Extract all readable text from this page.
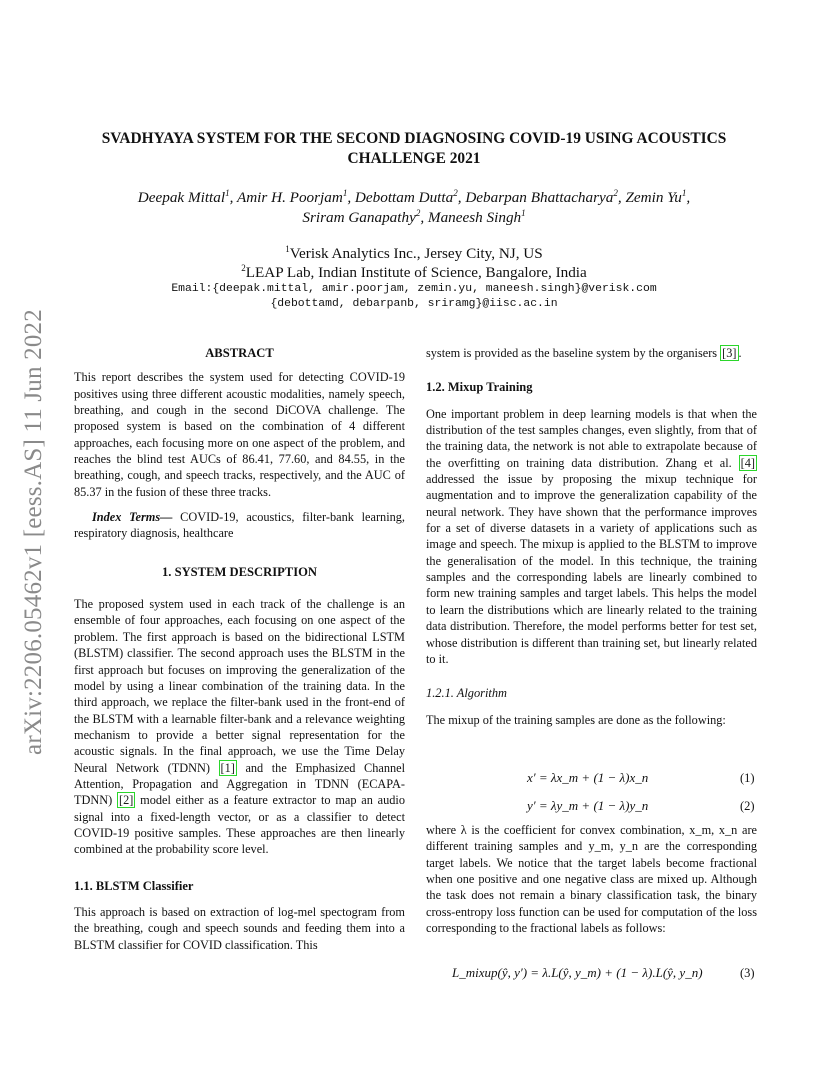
arXiv:2206.05462v1 [eess.AS] 11 Jun 2022
SVADHYAYA SYSTEM FOR THE SECOND DIAGNOSING COVID-19 USING ACOUSTICS
CHALLENGE 2021
Deepak Mittal$^1$, Amir H. Poorjam$^1$, Debottam Dutta$^2$, Debarpan Bhattacharya$^2$, Zemin Yu$^1$,
Sriram Ganapathy$^2$, Maneesh Singh$^1$
$^1$Verisk Analytics Inc., Jersey City, NJ, US
$^2$LEAP Lab, Indian Institute of Science, Bangalore, India
Email:{deepak.mittal, amir.poorjam, zemin.yu, maneesh.singh}@verisk.com
{debottamd, debarpanb, sriramg}@iisc.ac.in
ABSTRACT

This report describes the system used for detecting COVID-19 positives using three different acoustic modalities, namely speech, breathing, and cough in the second DiCOVA challenge. The proposed system is based on the combination of 4 different approaches, each focusing more on one aspect of the problem, and reaches the blind test AUCs of 86.41, 77.60, and 84.55, in the breathing, cough, and speech tracks, respectively, and the AUC of 85.37 in the fusion of these three tracks.

Index Terms— COVID-19, acoustics, filter-bank learning, respiratory diagnosis, healthcare

1. SYSTEM DESCRIPTION

The proposed system used in each track of the challenge is an ensemble of four approaches, each focusing on one aspect of the problem. The first approach is based on the bidirectional LSTM (BLSTM) classifier. The second approach uses the BLSTM in the first approach but focuses on improving the generalization of the model by using a linear combination of the training data. In the third approach, we replace the filter-bank used in the front-end of the BLSTM with a learnable filter-bank and a relevance weighting mechanism to provide a better signal representation for the acoustic signals. In the final approach, we use the Time Delay Neural Network (TDNN) [1] and the Emphasized Channel Attention, Propagation and Aggregation in TDNN (ECAPA-TDNN) [2] model either as a feature extractor to map an audio signal into a fixed-length vector, or as a classifier to detect COVID-19 positive samples. These approaches are then linearly combined at the probability score level.

1.1. BLSTM Classifier

This approach is based on extraction of log-mel spectogram from the breathing, cough and speech sounds and feeding them into a BLSTM classifier for COVID classification. This

system is provided as the baseline system by the organisers [3] .

1.2. Mixup Training

One important problem in deep learning models is that when the distribution of the test samples changes, even slightly, from that of the training data, the network is not able to extrapolate because of the overfitting on training data distribution. Zhang et al. [4] addressed the issue by proposing the mixup technique for augmentation and to improve the generalization capability of the neural network. They have shown that the performance improves for a set of diverse datasets in a variety of applications such as image and speech. The mixup is applied to the BLSTM to improve the generalisation of the model. In this technique, the training samples and the corresponding labels are linearly combined to form new training samples and target labels. This helps the model to learn the distributions which are linearly related to the training data distribution. Therefore, the model performs better for test set, whose distribution is different than training set, but linearly related to it.

1.2.1. Algorithm

The mixup of the training samples are done as the following:

x′ = λx_m + (1 − λ)x_n	(1)
y′ = λy_m + (1 − λ)y_n	(2)

where λ is the coefficient for convex combination, x_m, x_n are different training samples and y_m, y_n are the corresponding target labels. We notice that the target labels become fractional when one positive and one negative class are mixed up. Although the task does not remain a binary classification task, the binary cross-entropy loss function can be used for computation of the loss corresponding to the fractional labels as follows:

L_mixup(ŷ, y′) = λ.L(ŷ, y_m) + (1 − λ).L(ŷ, y_n)	(3)
